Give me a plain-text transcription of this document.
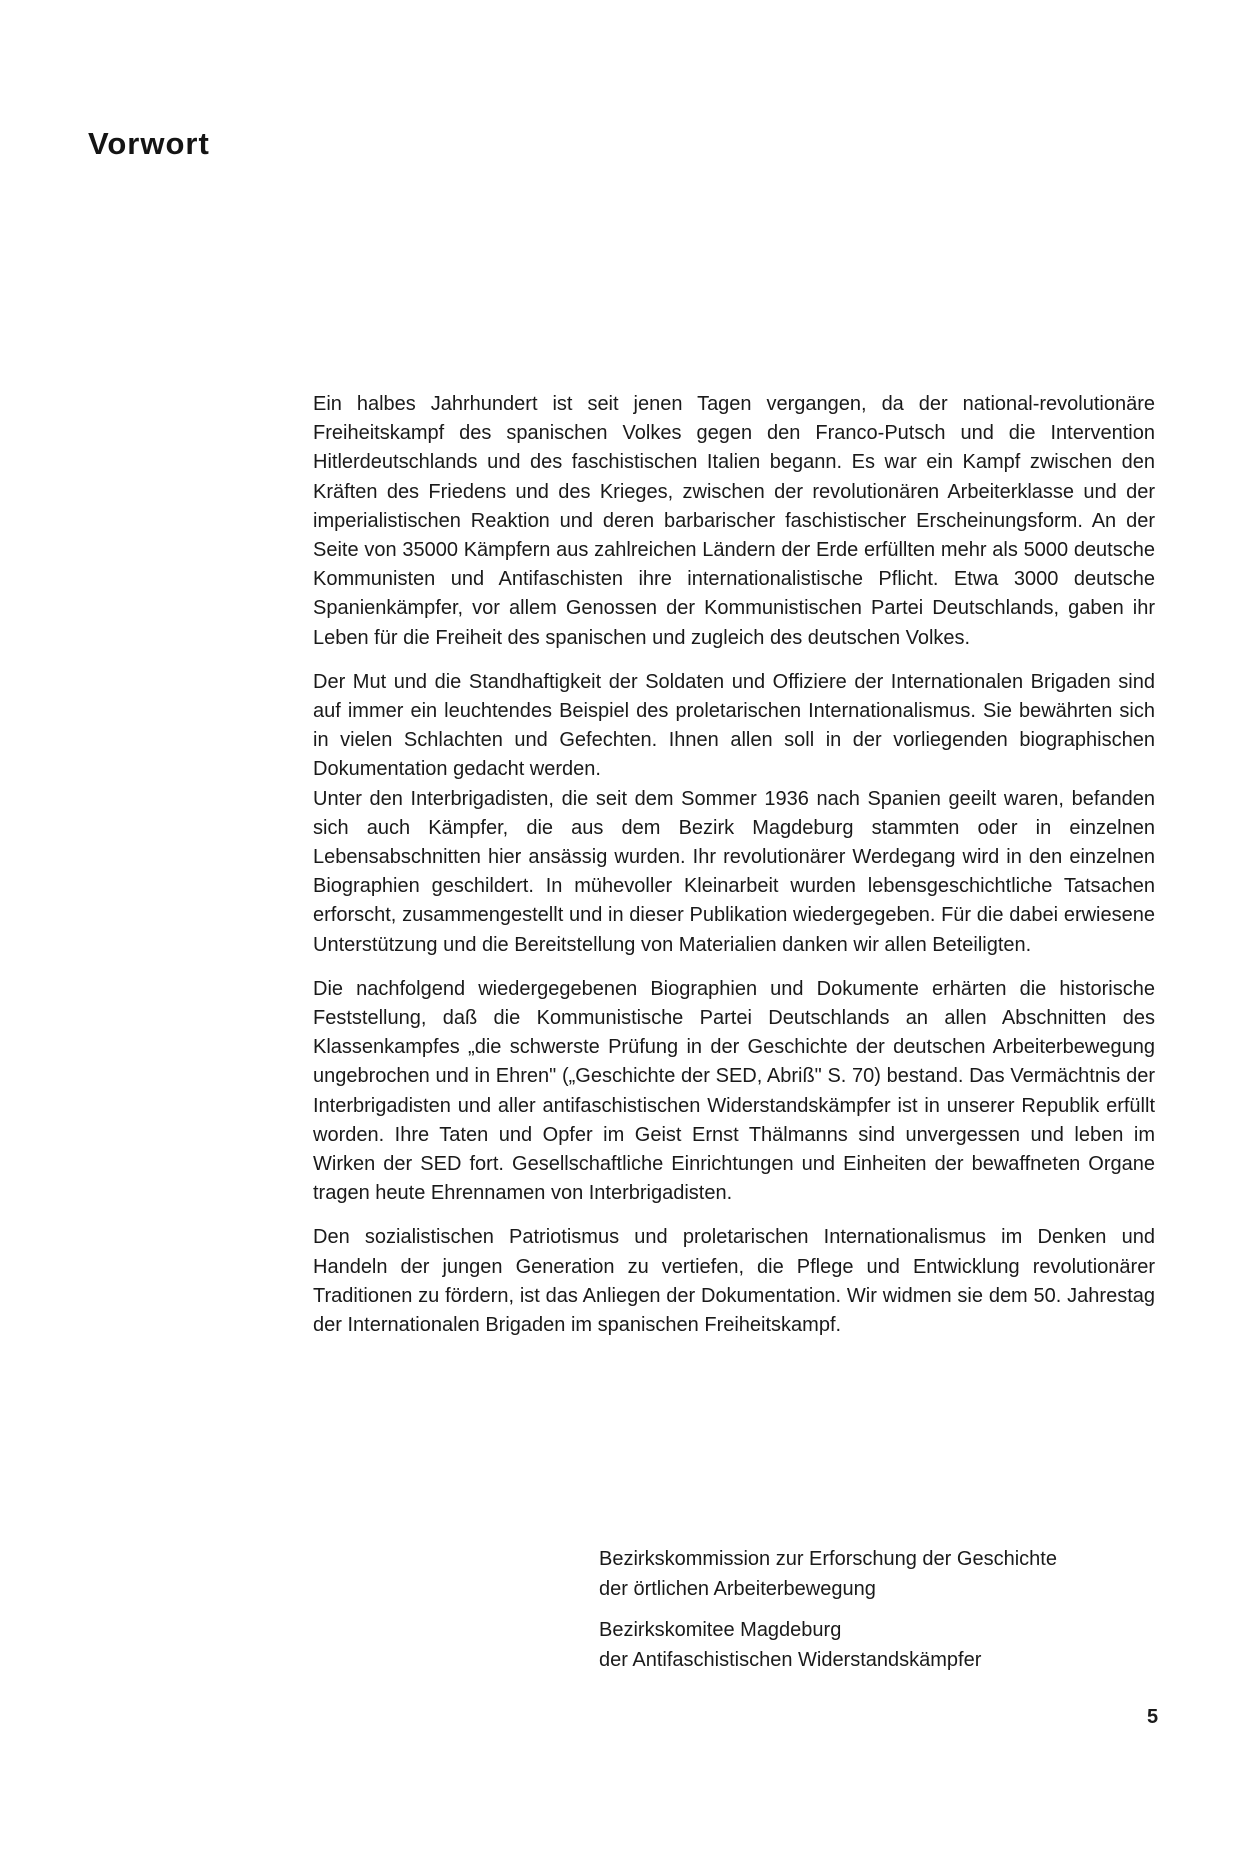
Vorwort

Ein halbes Jahrhundert ist seit jenen Tagen vergangen, da der national-revolutionäre Freiheitskampf des spanischen Volkes gegen den Franco-Putsch und die Intervention Hitlerdeutschlands und des faschistischen Italien begann. Es war ein Kampf zwischen den Kräften des Friedens und des Krieges, zwischen der revolutionären Arbeiterklasse und der imperialistischen Reaktion und deren barbarischer faschistischer Erscheinungsform. An der Seite von 35000 Kämpfern aus zahlreichen Ländern der Erde erfüllten mehr als 5000 deutsche Kommunisten und Antifaschisten ihre internationalistische Pflicht. Etwa 3000 deutsche Spanienkämpfer, vor allem Genossen der Kommunistischen Partei Deutschlands, gaben ihr Leben für die Freiheit des spanischen und zugleich des deutschen Volkes.

Der Mut und die Standhaftigkeit der Soldaten und Offiziere der Internationalen Brigaden sind auf immer ein leuchtendes Beispiel des proletarischen Internationalismus. Sie bewährten sich in vielen Schlachten und Gefechten. Ihnen allen soll in der vorliegenden biographischen Dokumentation gedacht werden.

Unter den Interbrigadisten, die seit dem Sommer 1936 nach Spanien geeilt waren, befanden sich auch Kämpfer, die aus dem Bezirk Magdeburg stammten oder in einzelnen Lebensabschnitten hier ansässig wurden. Ihr revolutionärer Werdegang wird in den einzelnen Biographien geschildert. In mühevoller Kleinarbeit wurden lebensgeschichtliche Tatsachen erforscht, zusammengestellt und in dieser Publikation wiedergegeben. Für die dabei erwiesene Unterstützung und die Bereitstellung von Materialien danken wir allen Beteiligten.

Die nachfolgend wiedergegebenen Biographien und Dokumente erhärten die historische Feststellung, daß die Kommunistische Partei Deutschlands an allen Abschnitten des Klassenkampfes „die schwerste Prüfung in der Geschichte der deutschen Arbeiterbewegung ungebrochen und in Ehren" („Geschichte der SED, Abriß" S. 70) bestand. Das Vermächtnis der Interbrigadisten und aller antifaschistischen Widerstandskämpfer ist in unserer Republik erfüllt worden. Ihre Taten und Opfer im Geist Ernst Thälmanns sind unvergessen und leben im Wirken der SED fort. Gesellschaftliche Einrichtungen und Einheiten der bewaffneten Organe tragen heute Ehrennamen von Interbrigadisten.

Den sozialistischen Patriotismus und proletarischen Internationalismus im Denken und Handeln der jungen Generation zu vertiefen, die Pflege und Entwicklung revolutionärer Traditionen zu fördern, ist das Anliegen der Dokumentation. Wir widmen sie dem 50. Jahrestag der Internationalen Brigaden im spanischen Freiheitskampf.

Bezirkskommission zur Erforschung der Geschichte
der örtlichen Arbeiterbewegung
Bezirkskomitee Magdeburg
der Antifaschistischen Widerstandskämpfer
5
